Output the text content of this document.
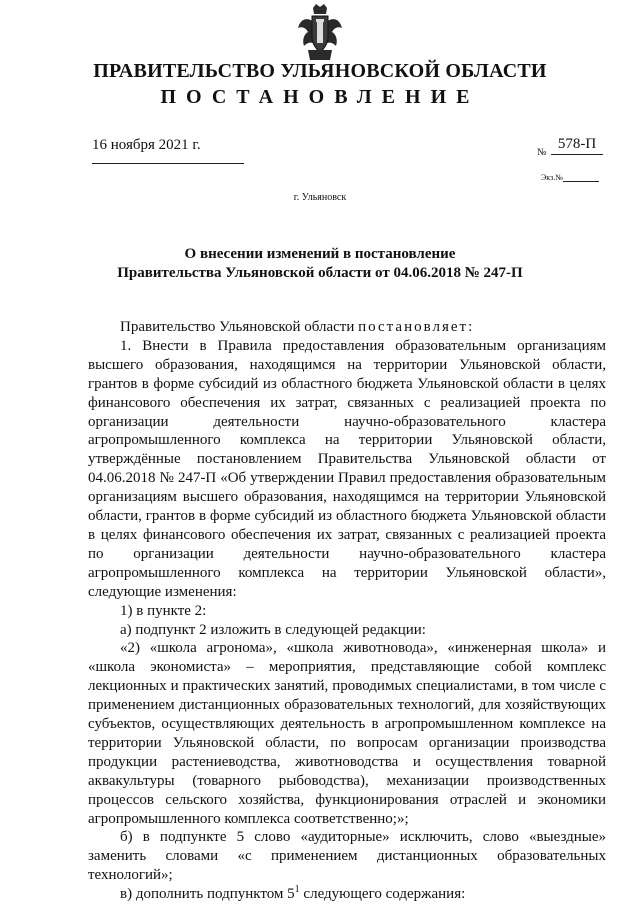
ПРАВИТЕЛЬСТВО УЛЬЯНОВСКОЙ ОБЛАСТИ
ПОСТАНОВЛЕНИЕ
16 ноября 2021 г.	№
578-П
Экз.№
г. Ульяновск
О внесении изменений в постановление
Правительства Ульяновской области от 04.06.2018 № 247-П

Правительство Ульяновской области постановляет:

1. Внести в Правила предоставления образовательным организациям высшего образования, находящимся на территории Ульяновской области, грантов в форме субсидий из областного бюджета Ульяновской области в целях финансового обеспечения их затрат, связанных с реализацией проекта по организации деятельности научно-образовательного кластера агропромышленного комплекса на территории Ульяновской области, утверждённые постановлением Правительства Ульяновской области от 04.06.2018 № 247-П «Об утверждении Правил предоставления образовательным организациям высшего образования, находящимся на территории Ульяновской области, грантов в форме субсидий из областного бюджета Ульяновской области в целях финансового обеспечения их затрат, связанных с реализацией проекта по организации деятельности научно-образовательного кластера агропромышленного комплекса на территории Ульяновской области», следующие изменения:

1) в пункте 2:

а) подпункт 2 изложить в следующей редакции:

«2) «школа агронома», «школа животновода», «инженерная школа» и «школа экономиста» – мероприятия, представляющие собой комплекс лекционных и практических занятий, проводимых специалистами, в том числе с применением дистанционных образовательных технологий, для хозяйствующих субъектов, осуществляющих деятельность в агропромышленном комплексе на территории Ульяновской области, по вопросам организации производства продукции растениеводства, животноводства и осуществления товарной аквакультуры (товарного рыбоводства), механизации производственных процессов сельского хозяйства, функционирования отраслей и экономики агропромышленного комплекса соответственно;»;

б) в подпункте 5 слово «аудиторные» исключить, слово «выездные» заменить словами «с применением дистанционных образовательных технологий»;

в) дополнить подпунктом $5^1$ следующего содержания:
